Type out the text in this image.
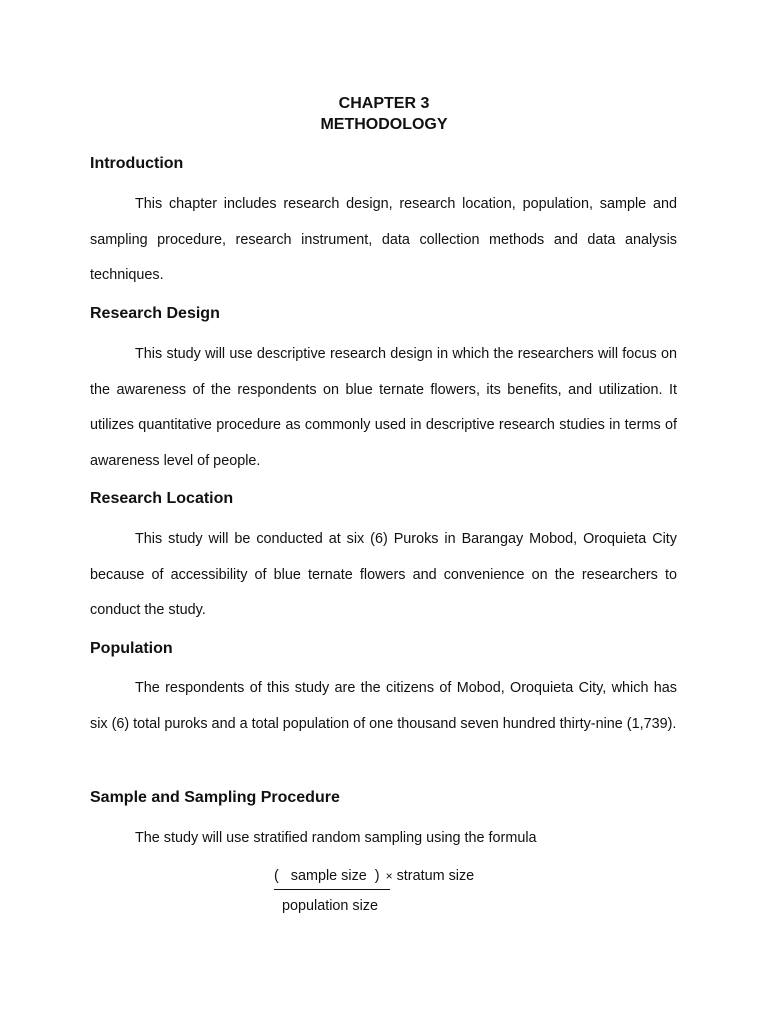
CHAPTER 3
METHODOLOGY
Introduction

This chapter includes research design, research location, population, sample and sampling procedure, research instrument, data collection methods and data analysis techniques.

Research Design

This study will use descriptive research design in which the researchers will focus on the awareness of the respondents on blue ternate flowers, its benefits, and utilization. It utilizes quantitative procedure as commonly used in descriptive research studies in terms of awareness level of people.

Research Location

This study will be conducted at six (6) Puroks in Barangay Mobod, Oroquieta City because of accessibility of blue ternate flowers and convenience on the researchers to conduct the study.

Population

The respondents of this study are the citizens of Mobod, Oroquieta City, which has six (6) total puroks and a total population of one thousand seven hundred thirty-nine (1,739).

Sample and Sampling Procedure

The study will use stratified random sampling using the formula

( sample size ) × stratum size
population size
